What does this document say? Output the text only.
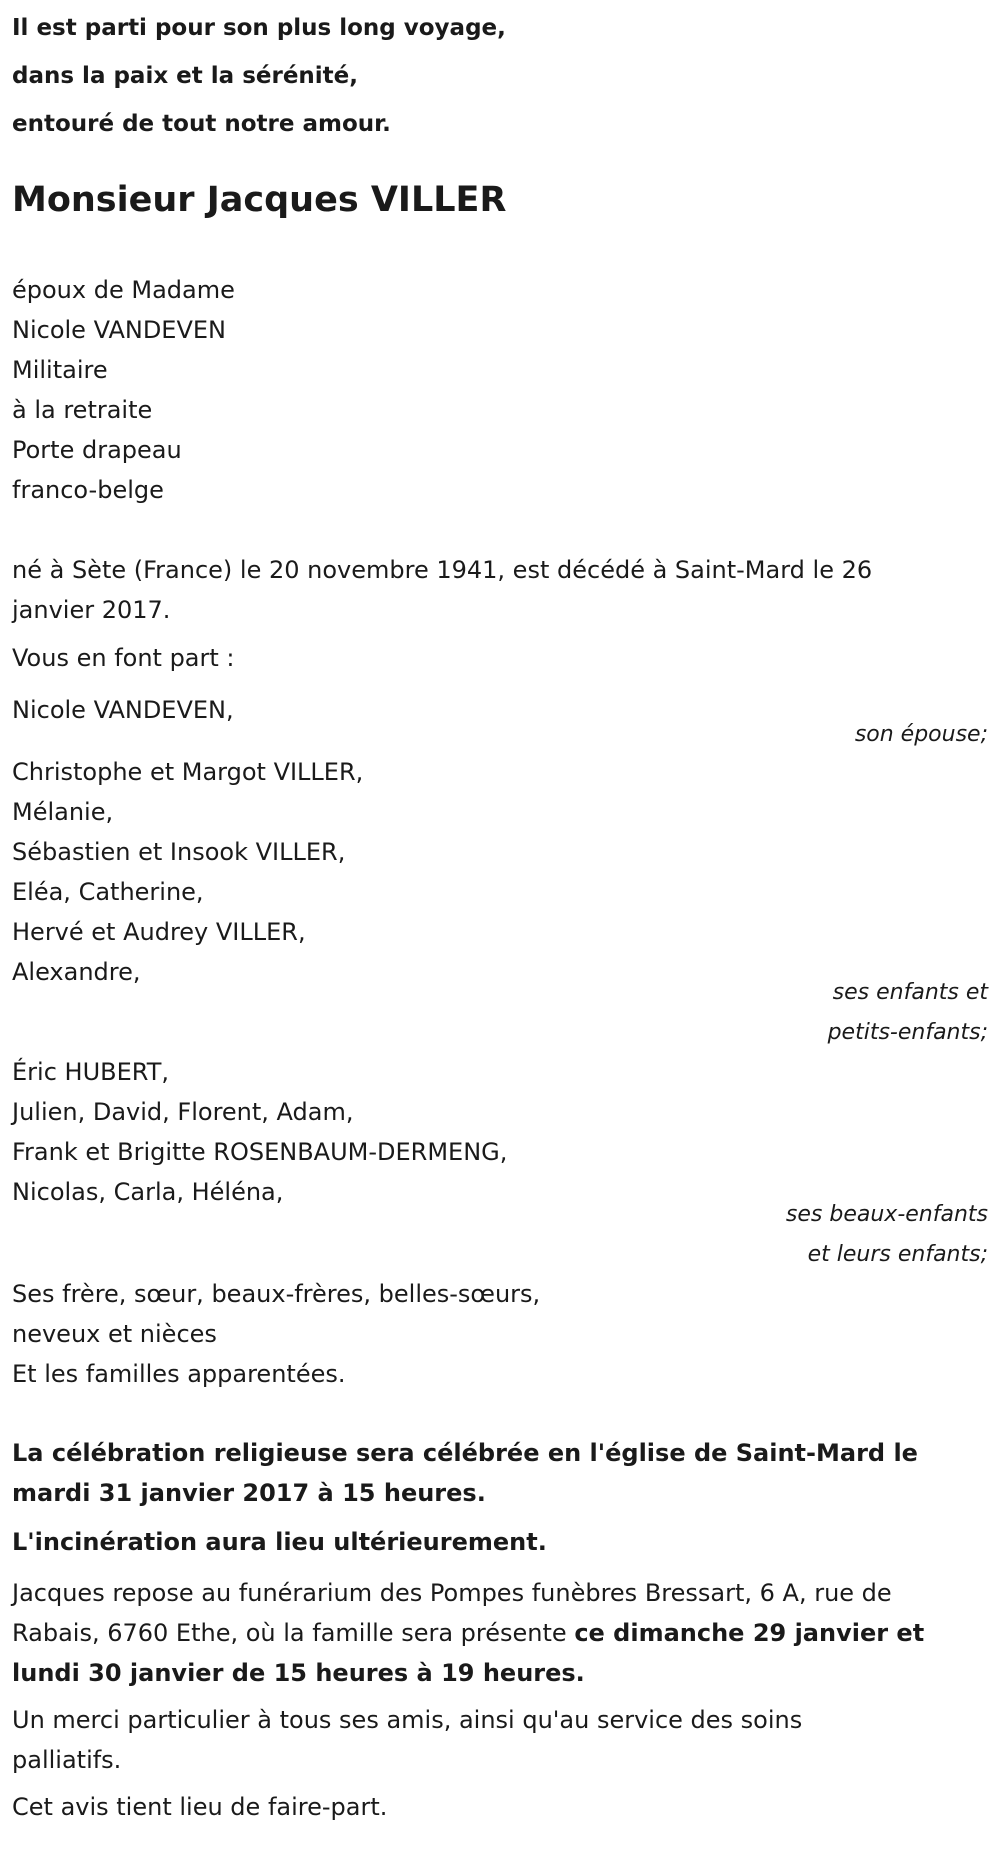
Il est parti pour son plus long voyage,
dans la paix et la sérénité,
entouré de tout notre amour.
Monsieur Jacques VILLER
époux de Madame
Nicole VANDEVEN
Militaire
à la retraite
Porte drapeau
franco-belge
né à Sète (France) le 20 novembre 1941, est décédé à Saint-Mard le 26
janvier 2017.
Vous en font part :
Nicole VANDEVEN,
son épouse;
Christophe et Margot VILLER,
Mélanie,
Sébastien et Insook VILLER,
Eléa, Catherine,
Hervé et Audrey VILLER,
Alexandre,
ses enfants et
petits-enfants;
Éric HUBERT,
Julien, David, Florent, Adam,
Frank et Brigitte ROSENBAUM-DERMENG,
Nicolas, Carla, Héléna,
ses beaux-enfants
et leurs enfants;
Ses frère, sœur, beaux-frères, belles-sœurs,
neveux et nièces
Et les familles apparentées.
La célébration religieuse sera célébrée en l'église de Saint-Mard le
mardi 31 janvier 2017 à 15 heures.
L'incinération aura lieu ultérieurement.
Jacques repose au funérarium des Pompes funèbres Bressart, 6 A, rue de
Rabais, 6760 Ethe, où la famille sera présente ce dimanche 29 janvier et
lundi 30 janvier de 15 heures à 19 heures.
Un merci particulier à tous ses amis, ainsi qu'au service des soins
palliatifs.
Cet avis tient lieu de faire-part.
